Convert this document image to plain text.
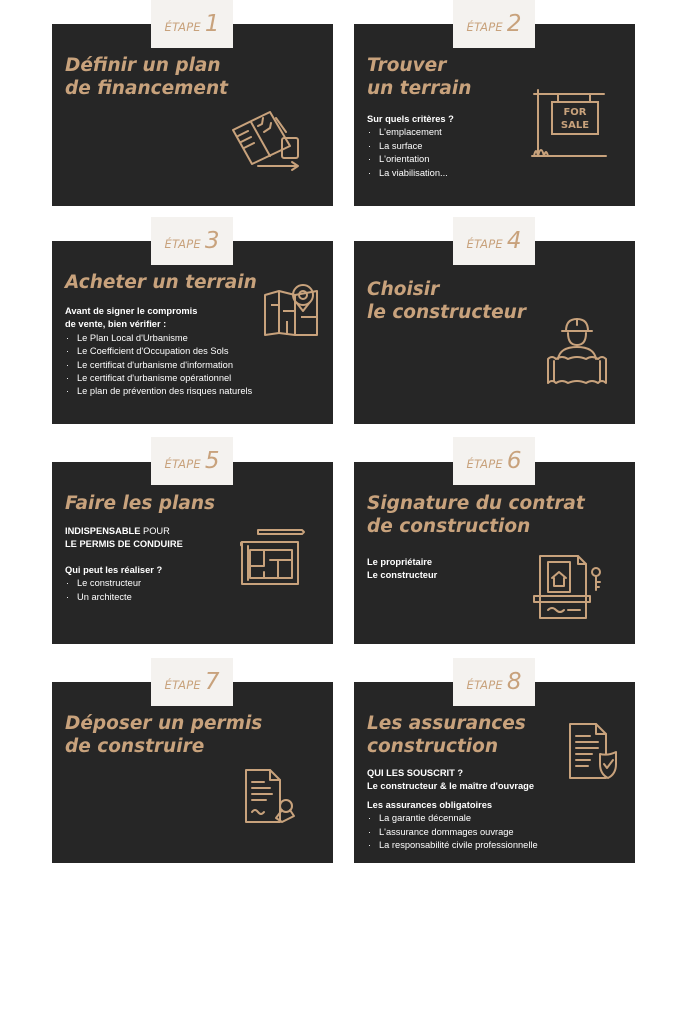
Définir un plan
de financement
ÉTAPE 1
Trouver
un terrain
Sur quels critères ?
· L'emplacement
· La surface
· L'orientation
· La viabilisation...
FOR
SALE
ÉTAPE 2
Acheter un terrain
Avant de signer le compromis
de vente, bien vérifier :
· Le Plan Local d'Urbanisme
· Le Coefficient d'Occupation des Sols
· Le certificat d'urbanisme d'information
· Le certificat d'urbanisme opérationnel
· Le plan de prévention des risques naturels
ÉTAPE 3
Choisir
le constructeur
ÉTAPE 4
Faire les plans
INDISPENSABLE POUR
LE PERMIS DE CONDUIRE
Qui peut les réaliser ?
· Le constructeur
· Un architecte
ÉTAPE 5
Signature du contrat
de construction
Le propriétaire
Le constructeur
ÉTAPE 6
Déposer un permis
de construire
ÉTAPE 7
Les assurances
construction
QUI LES SOUSCRIT ?
Le constructeur & le maître d'ouvrage
Les assurances obligatoires
· La garantie décennale
· L'assurance dommages ouvrage
· La responsabilité civile professionnelle
ÉTAPE 8
